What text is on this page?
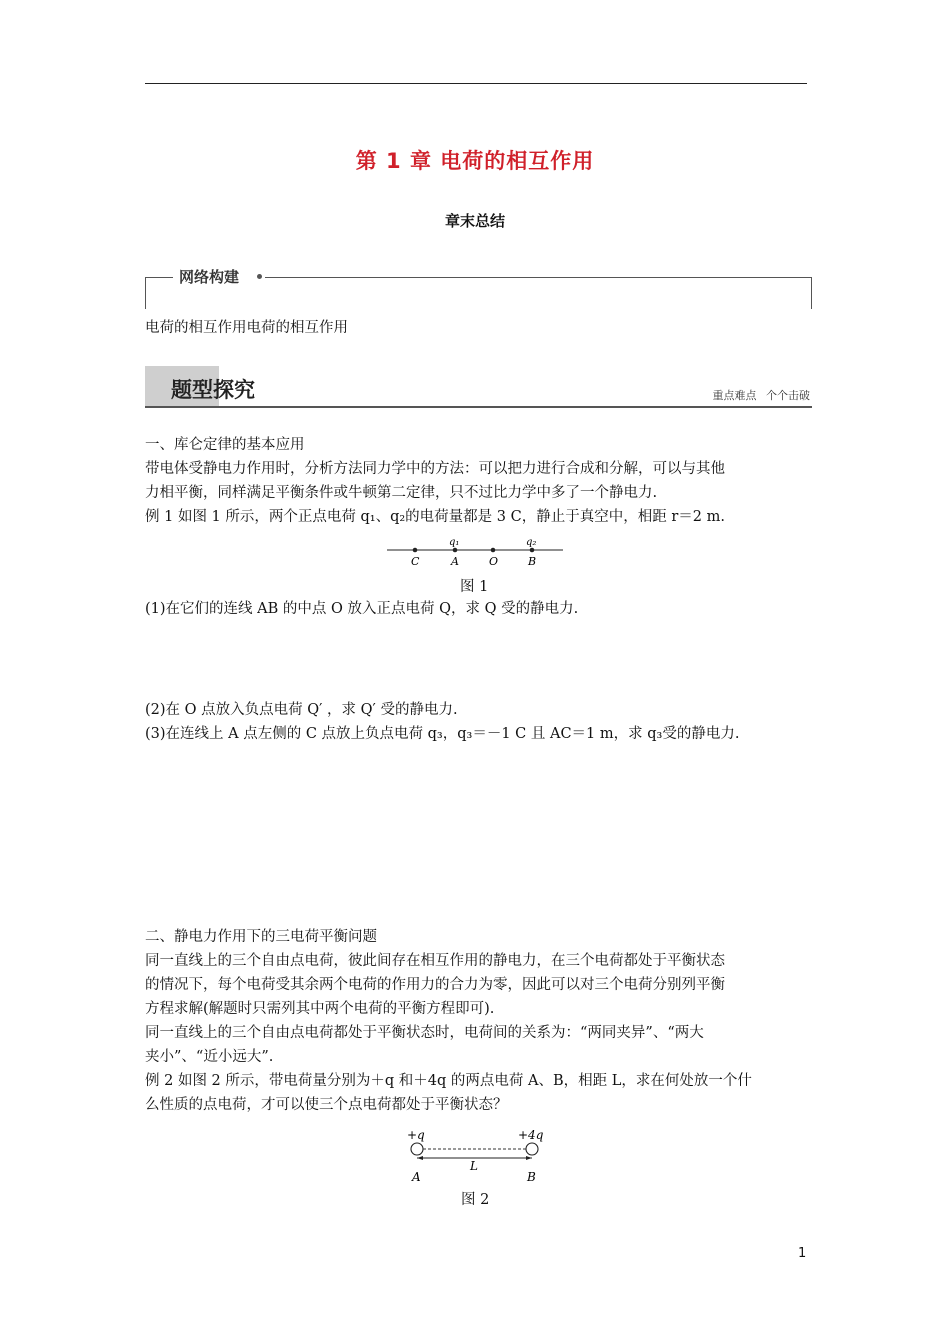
第 1 章 电荷的相互作用
章末总结
网络构建
电荷的相互作用电荷的相互作用
题型探究	重点难点 个个击破
一、库仑定律的基本应用
带电体受静电力作用时，分析方法同力学中的方法：可以把力进行合成和分解，可以与其他
力相平衡，同样满足平衡条件或牛顿第二定律，只不过比力学中多了一个静电力.
例 1 如图 1 所示，两个正点电荷 q₁、q₂的电荷量都是 3 C，静止于真空中，相距 r＝2 m.
q₁	q₂
C	A	O	B
图 1
(1)在它们的连线 AB 的中点 O 放入正点电荷 Q，求 Q 受的静电力.
(2)在 O 点放入负点电荷 Q′ ，求 Q′ 受的静电力.
(3)在连线上 A 点左侧的 C 点放上负点电荷 q₃，q₃＝－1 C 且 AC＝1 m，求 q₃受的静电力.
二、静电力作用下的三电荷平衡问题
同一直线上的三个自由点电荷，彼此间存在相互作用的静电力，在三个电荷都处于平衡状态
的情况下，每个电荷受其余两个电荷的作用力的合力为零，因此可以对三个电荷分别列平衡
方程求解(解题时只需列其中两个电荷的平衡方程即可).
同一直线上的三个自由点电荷都处于平衡状态时，电荷间的关系为：“两同夹异”、“两大
夹小”、“近小远大”.
例 2 如图 2 所示，带电荷量分别为＋q 和＋4q 的两点电荷 A、B，相距 L，求在何处放一个什
么性质的点电荷，才可以使三个点电荷都处于平衡状态？
+q	+4q
L
A	B
图 2
1
